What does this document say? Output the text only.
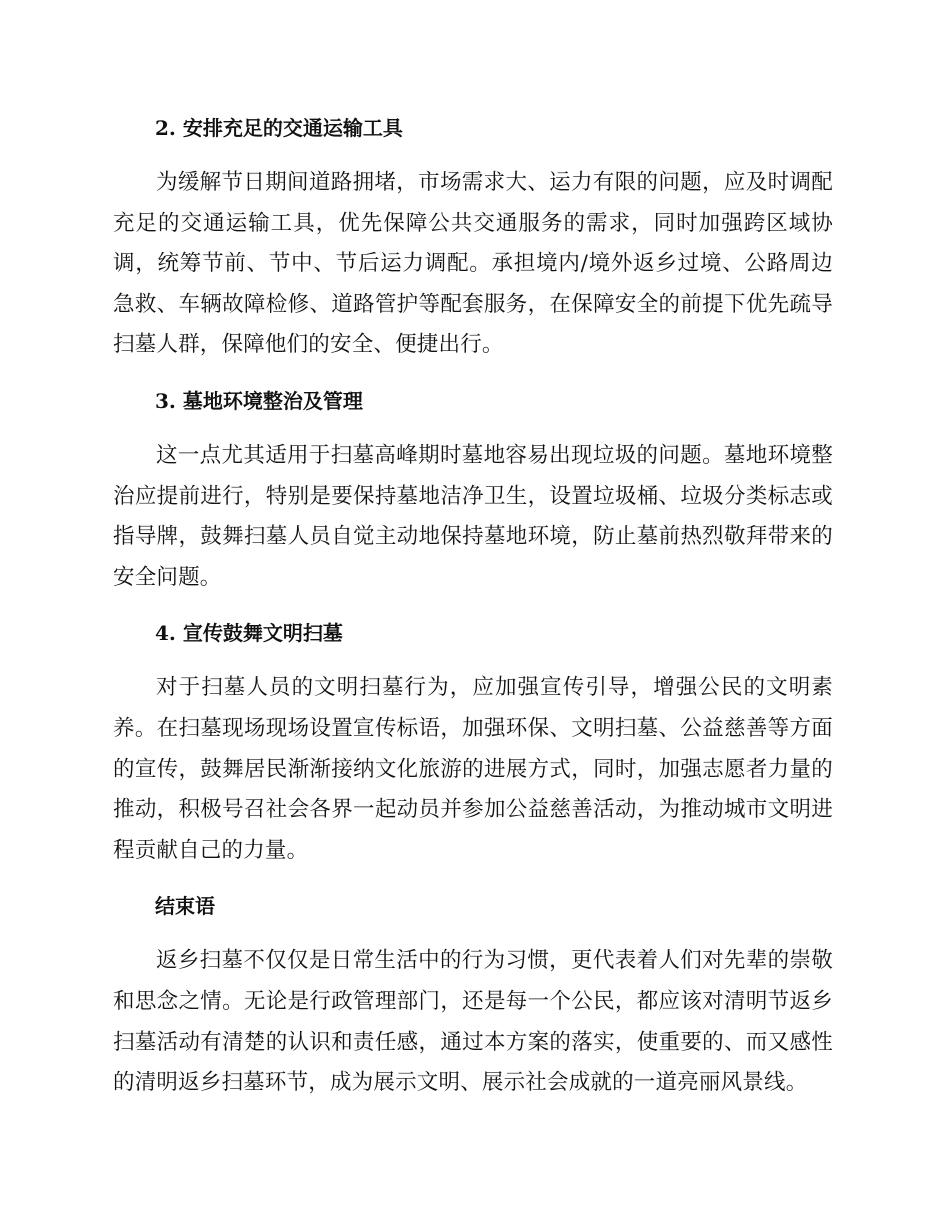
2. 安排充足的交通运输工具

为缓解节日期间道路拥堵，市场需求大、运力有限的问题，应及时调配充足的交通运输工具，优先保障公共交通服务的需求，同时加强跨区域协调，统筹节前、节中、节后运力调配。承担境内/境外返乡过境、公路周边急救、车辆故障检修、道路管护等配套服务，在保障安全的前提下优先疏导扫墓人群，保障他们的安全、便捷出行。

3. 墓地环境整治及管理

这一点尤其适用于扫墓高峰期时墓地容易出现垃圾的问题。墓地环境整治应提前进行，特别是要保持墓地洁净卫生，设置垃圾桶、垃圾分类标志或指导牌，鼓舞扫墓人员自觉主动地保持墓地环境，防止墓前热烈敬拜带来的安全问题。

4. 宣传鼓舞文明扫墓

对于扫墓人员的文明扫墓行为，应加强宣传引导，增强公民的文明素养。在扫墓现场现场设置宣传标语，加强环保、文明扫墓、公益慈善等方面的宣传，鼓舞居民渐渐接纳文化旅游的进展方式，同时，加强志愿者力量的推动，积极号召社会各界一起动员并参加公益慈善活动，为推动城市文明进程贡献自己的力量。

结束语

返乡扫墓不仅仅是日常生活中的行为习惯，更代表着人们对先辈的崇敬和思念之情。无论是行政管理部门，还是每一个公民，都应该对清明节返乡扫墓活动有清楚的认识和责任感，通过本方案的落实，使重要的、而又感性的清明返乡扫墓环节，成为展示文明、展示社会成就的一道亮丽风景线。
